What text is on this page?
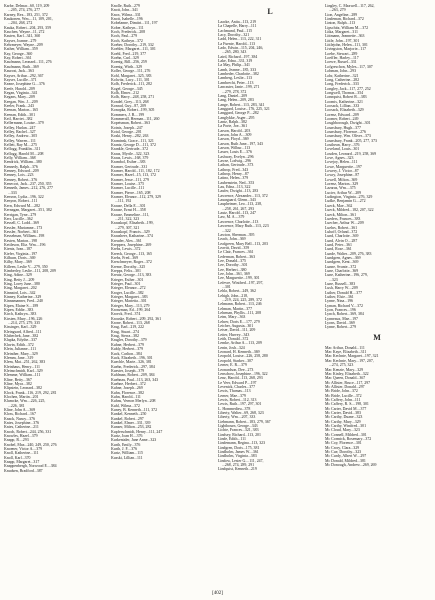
Karbe, Delmar ...60, 119, 209
...205, 274, 276, 277
Karney, Rex ...183, 251, 372
Kaukonen, Wm. ...11, 109, 201,
...204, 268, 272
Kauka, Robert ...204, 293, 359
Kaschen, Wayne ...11, 272
Kasten, Karl ...341, 360
Kayser, Joanne ...279
Kehrmeyer, Wayne ...209
Kather, William ...359
Kay, George ...360
Kay, Robert ...361
Kaufmann, Leonard ...111, 276
Kaufmann, Ruth ...369
Kaurost, Jack ...363
Kayser, Arthur ...292, 367
Kayser, Lucille ...371
Keane, Josephine G. ...376
Keefe, Harold ...209
Kegan, Virginia ...341
Kegans, Mary ...209
Keegan, Wm. J. ...209
Keeler, Frank ...243
Keenan, Marion ...165
Keenan, Edith ...301
Keil, Harriet ...382
Kellermann, Louise ...379
Kelley, Harlan ...247
Kelley, Rachel ...327
Kelley, Andrew ...305
Kelley, Warren ...111
Kellett, Ray M. ...275
Kellogg, Franklin ...311
Kellogg, Harold M. ...208
Kelly, William ...368
Kendrick, William ...380
Kennedy, Ralph ...376
Kenney, Edward ...209
Kenney, Lois ...223
Kenney, Robert ...376
Kenecort, Jack ...237, 250, 355
Kenneth, James ...212, 276, 277
...333
Kenvon, Lydia ...196, 322
Kenyon, Robert ...111
Kern, Edward M. ...282
Kernagan, Margaret ...351, 382
Kerrigan, Tyne ...279
Kerr, Lucille ...362
Kessell, C. Lodd ...369
Kessler, Mariamne ...173
Kessler, Norbert ...361
Kesselman, William ...198
Kesten, Marion ...198
Kettleson, Eliz. Wm. ...196
Kientz, Ivan ...187
Kiefer, Virginia ...197
Kilburn, Doris ...369
Kilby, Mary ...369
Killeen, Leslie V. ...279, 350
Kimberley, Leslie ...111, 208, 209
King, Adine ...329
King, Betty J. ...209
King, Lorey June ...380
King, Margaret ...202
Kinnaird, Lois ...342
Kinney, Katherine ...329
Kinnamanner, Fred ...240
Kipen, Elaine S. ...189
Kipen, Eddie ...383
Kirch, Kathryn ...383
Kirsten, Mary ...196, 226
...214, 275, 279, 335
Kissinger, Karl ...329
Kleingsard, Alfred ...111
Klabechek, Jane ...382
Klapka, Edythe ...337
Klavin, Edith ...372
Klein, Julianne ...111
Kleinther, Mary ...329
Klemm, Jane ...319
Klem, Mat ...251, 262, 383
Kleinhaus, Henry ...111
Kleinschmidt, Karl ...329
Klemme, William ...111
Kline, Betty ...367
Kline, Myra ...382
Klipstein, Leonard ...382
Klock, Frank ...116, 219, 292, 281
Klochen, Martin ...201
Klumcke, Wm. ...226, 225,
...226, 381
Kline, John A. ...369
Kloss, Richard ...167
Knack, Nancy ...376
Knies, Josephine ...376
Knies, Catherine ...211
Knoch, Robert ...244, 256, 331
Knowles, Hazel ...379
Knapp, R. ...293
Knobel, Max ...240, 249, 250, 276
Knoener, Victor A. ...379
Knoll, Katherine ...111
Knoll, Karl ...370
Knapp, Margaret ...317
Knappenbergh, Norwood E. ...384
Knudsen, Bradford ...387
Knolle, Ruth ...279
Knott, John ...341
Knox, Wilma ...331
Knott, Isabelle ...196
Kobelanne, Dimitri ...111, 197
Kober, Kathryn ...111
Koch, Frederick ...208
Koch, Paul ...279
Koch, Kathryn ...372
Koeber, Dorothy ...219, 332
Koehler, Margaret ...111, 301
Koehl, Fred ...219, 377
Koehn, Carl ...329
Koenig, Bill ...256, 259
Koenig, Wirth ...329
Koller, George ...111, 276
Kohl, Margaret ...325, 383
Kolwitz, Lucy ...111, 301
Kolb, Frederick ...111, 282
Kogel, George ...345
Kolb, Elmer ...212
Kolb, Harry ...248, 258, 271
Kondel, Grey ...113, 268
Konrad, Guy ...87, 209
Konopka, Robert ...199, 305
Kommers, J. B. ...199
Kommerall, Herman ...111, 260
Kopeisman, Robert ...363
Kotnis, Joseph ...247
Kotal, George ...201
Koski, Henry ...282, 263
Kraminsk, Grace ...111, 321
Krantz, George D. ...111, 372
Krankle, Gertrude ...372
Kraus, Myrtle ...322, 323
Kraus, Lewis ...168, 379
Krambol, Esther ...383
Kramer, Gertrude ...331
Kramer, Harold ...111, 182, 172
Kramer, Hazel ...15, 113, 172
Kramer, Jesse ...111, 279
Kramer, Louise ...375
Kramer, Lucille ...111
Kramer, Pierre ...165, 208
Kramer, Eleanor ...112, 279, 329
...111, 192
Krause, Della E. ...301
Krause, Ernst H. ...358
Krause, Emmeline ...111,
...211, 322, 323
Krauskopf, Elisabeth ...199,
...279, 307, 321
Krauskopf, Francis ...329
Krausheer, Katharine ...374
Kreuder, Alex ...361
Kreppers, Josephine ...269
Krebs, Lewis ...372
Kreeck, George ...113, 165
Krebs, Fred ...369
Kreschmeyer, Roger ...372
Kreme, Dorothy ...325
Krepps, Felix ...301
Kreutz, George ...113, 383
Krieger, Esther ...301
Krieger, Paul ...301
Krieger, Eleanor ...272
Kroger, Lucille ...382
Krieger, Margaret ...383
Krieger, Marietta ...301
Krieger, Mary ...113, 279
Kronzman, Ed ...199, 264
Kroeck, Fred ...374
Krouske, Robert ...209, 292, 361
Krone, Robert ...113, 268
Krug, Earl ...219, 222
Krug, Stuart ...274
Krug, Sierra ...382
Krugler, Dorothy ...379
Kuhne, Herbert ...379
Kubly, Herbert ...379
Kuck, Carlton ...384
Kuck, Elizabeth ...196, 301
Kuechle, Marie ...326, 381
Kuehn, Frederick ...297, 384
Kuester, Joseph ...379
Kuhlman, Robert ...209, 384
Kuehnau, Paul ...113, 263, 343
Kuehne, Herbert ...372
Kuhne, Joseph ...269
Kuhn, Florence ...382
Kuhn, Harold ...111
Kuhns, Vernon Merlyn ...208
Kuhl, Wilma ...372
Kuney, B. Kenneth ...111, 372
Kunkel, Kenneth ...250
Kunkel, Robert ...297
Kunkel, Elmer ...331, 339
Kunzer, Milton ...253, 282
Kupferschmidt, Henry ...111, 247
Kurtz, Joan H. ...376
Kurkentaler, Jane Anne ...323
Kurth, Emily ...376
Kurth, J. F. ...376
Kurtz, William ...115
Kusski, Lillian ...111
L
Laacke, Anita ...113, 219
La Chapelle, Harry ...111
Lachmund, Paul ...115
Lacy, Dorothy ...321
Ladd, Helen ...113, 222, 311
La Fuente, Harold ...113
Lado, Edwin ...115, 204, 246,
...265, 280, 343
Laird, Richard ...197, 384
Lake, Edna ...331, 319
La May, Philip ...341
Lamb, Jeanne ...185, 333
Lambeder, Charlotte ...382
Lamberg, Leslie ...113
Lambrecht, Peter ...113
Lancaster, Janie ...199, 271
...279, 278, 372
Lang, Daniel ...209
Lang, Helen ...209, 283
Lange, Robert ...113, 283, 341
Langgard, Louise ...176, 225, 321
Langgard, George P. ...282
Langlykke, Asger ...295
Lantz, Ralph ...382
La Porte, Joe ...361
Larson, Harold ...203
Larson, John A. ...309
Larson, Floyd ...369
Larson, Ruth June ...197, 343
Larson, Wilbur ...113
Lasser, Louis E. ...376
Lashway, Evelyn ...296
Lawse, Lodwig ...296
Lathan, Gertrude ...373
Lathrop, Fred ...343
Lathrop, Henry ...87
Latino, Helen ...379
Laubenstein, Ned ...353
Lau, Edna ...113, 322
Laufer, Dwight ...113, 283
Lawrence, Alexander ...113, 372
Lauargaard, Glenn ...343
Laupheimer, Leo ...113, 238,
...258, 261, 267, 293
Lautz, Harold ...113, 247
Law, M. A. ...379
Lawrence, Charlotte ...113
Lawrence, Mary Ruth ...113, 223
...322
Lawton, Sherman ...395
Leach, John ...369
Leafgreen, Mary Bell ...113, 203
Leavitt, David ...359
Le Clair, Frances ...361
Lederman, Robert ...363
Lee, Donald ...375
Lee, Dorothy ...301
Lee, Herbert ...380
Lee, John ...361, 369
Lee, Marguerite ...199, 301
Lefevre, Winifred ...197, 297,
...301
Lehla, Robert ...249, 362
Lehigh, John ...218,
...219, 224, 225, 289, 372
Lehmann, Robert ...113, 246
Lehman, Martin ...377
Lehrman, Phyllis ...111, 208
Leim, Mary ...363
Lehrer, Doris E. ...177, 279
Leicher, Augusta ...301
Leiser, David ...111, 209
Leiter, Harvey ...343
Leith, Donald ...372
Lemke, Arthur A. ...113, 209
Lenin, Josh ...324
Leonard, H. Kenneth ...369
Leopold, Louise ...226, 258, 280
Leopold, Starker ...307
Lerner, E. R. ...379
Leonardson, Dee ...273
Lenschow, Josephine ...196, 322
Lenz, Harold ...113, 268, 293
Le Veer, Edward P. ...197
Levenick, Charles ...377
Lewis, Thomas ...113
Lerner, Mae ...379
Lewis, Robert ...112, 313
Lewis, Ruth ...197, 297, 301
L. Hommedieu ...378
Liberty, Walter ...69, 268, 323
Liberty, Wm. ...207, 333
Liebmann, Robert ...183, 279, 367
Lightbourn, George ...343
Lichte, Frances ...321, 383
Lindsey, Richard ...113, 201
Linde, Edith ...111
Lindemann, Regina ...113, 323
Lindgren, Doris ...175, 381
Lindholm, James W. ...361
Lindholm, Virginia ...383
Lindow, Lester G. ...111, 247,
...268, 274, 289, 291
Lindquist, Kenneth ...219
Lingley, C. Maxwell ...117, 262,
...263, 279
Lion, Angeline ...289
Lindeman, Richard ...372
Linton, Ralph ...113
Lipschitz, William M. ...372
Litka, Margaret ...311
Littmann, Jeannette ...363
Little, John ...197, 301
Littlejohn, Helen ...111, 301
Livingston, Marjorie ...117
Loebe, Stewart ...289
Loeffler, Harley ...117
Loewe, Russel ...331
Lofgreschon, Myles ...117, 307
Lohman, John ...293
Lohr, Katherine ...321
Long, Catherine ...282
Long, Frederick ...333
Longley, Jack ...117, 277, 252
Longwell, Thomas ...354
Lonnquist, Robert R. ...383
Loomis, Katherine ...321
Loosack, Lillian ...333
Loosack, Elizabeth ...329
Lorenz, Edward ...209
Loomer, Robert ...249
Loughborough, Dwight ...301
Lounsbury, Hugh ...377
Lounsbury, Florence ...276
Lounsbury, Wm. Oliver ...373
Lounsbury, Frank ...205, 277, 373
Louthean, Harry ...376
Loveland, Louis ...301
Louden, Leonard ...219, 258, 369
Love, Agnes ...323
Lovejoy, Helen ...111
Lowe, Marguerite ...197
Lowery, J. Victor ...87
Lowry, Josephine ...87
Lowell, Milton ...369
Lorenz, Marion ...329
Lazarus, Wm. ...375
Lucier, Arthur W. ...209
Ludington, Virginia ...276, 329
Ludke, Benjamin G. ...272
Lueck, Mae ...362
Lueck, Mildred ...182, 207, 322
Lueck, Milton ...361
Lueders, Frances ...383
Luecher, Arthur W. ...209
Luehrs, Robert ...361
Luhoff, Orland ...372
Lund, Charlotte ...369
Lund, Alvin O. ...287
Lund, Peter ...361
Lund, Rose ...361
Lunde, Walter ...209, 276, 383
Lundgren, Agnes ...369
Lundgren, Kent ...369
Lunne, Svante ...372
Lune, Charlotte ...369
Lune, Katherine ...196, 279,
...323
Lune, Russell ...383
Lush, Harry W. ...209
Luther, Donald H. ...377
Luther, Elsie ...361
Lynne, Nina ...196
Lyman, Richard V. ...372
Lyon, Frances ...196
Lynch, Robert ...369, 384
Lynneaux, Mae ...197
Lyons, David ...369
Lynne, Robert ...279
M
Mac Arthur, Donald ...111
Mac Kaye, Elizabeth ...311
Mac Kechnie, Margaret ...197, 321
Mac Kechnie, Mary ...197, 207,
...274, 275, 323
Mac Kenzie, Mary ...329
Mac Kinley, Elizabeth ...322
Mac Queen, Donald ...367
Mc Allister, Bruce ...117, 297
Mc Allister, Donald ...297
Mc Bride, John ...372
Mc Bride, Lucille ...372
Mc Caffery, John ...111
Mc Caffery, R. S. ...198, 301
Mc Carter, David M. ...377
Mc Carter, David ...383
Mc Carthy, Duane ...323
Mc Carthy, Mary ...329
Mc Carthy, Winifred ...301
Mc Cloud, Mary ...323
Mc Connell, Mildred ...301
Mc Cormick, Rosemary ...372
Mc Coy, Florence ...301
Mc Crory, Clara ...329
Mc Cue, Dorothy ...323
Mc Curdy, Albert W. ...297
Mc Donald, Mildred ...381
Mc Donough, Andrew ...269, 269
[402]
